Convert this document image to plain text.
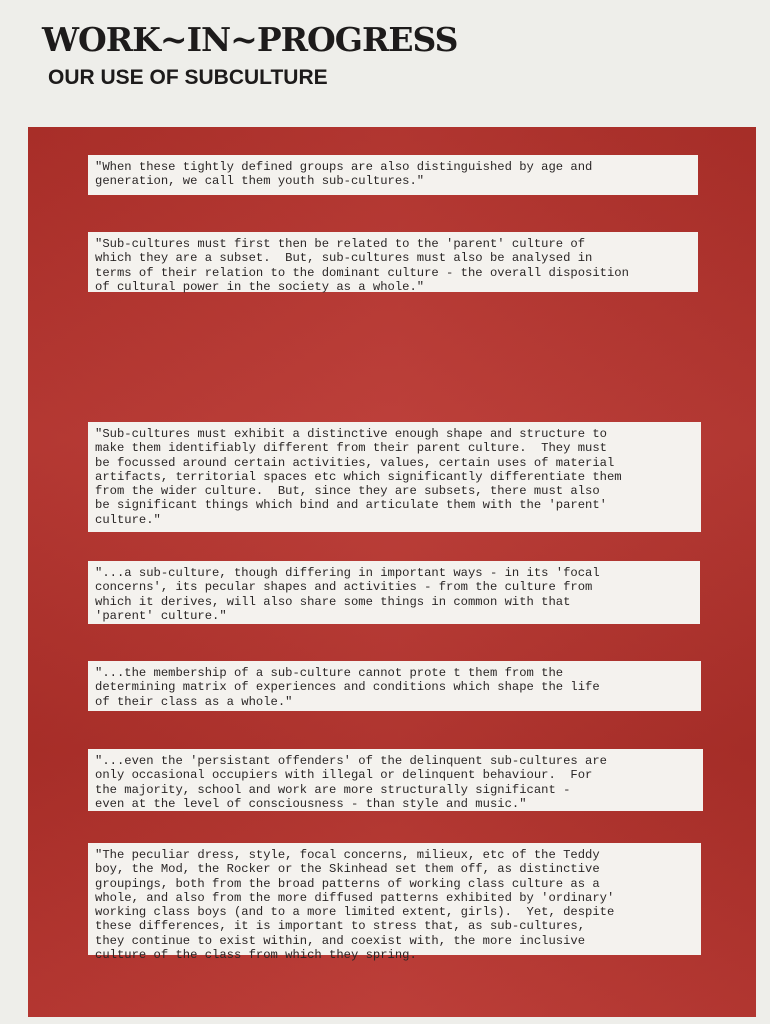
WORK~IN~PROGRESS
OUR USE OF SUBCULTURE
"When these tightly defined groups are also distinguished by age and
generation, we call them youth sub-cultures."
"Sub-cultures must first then be related to the 'parent' culture of
which they are a subset.  But, sub-cultures must also be analysed in
terms of their relation to the dominant culture - the overall disposition
of cultural power in the society as a whole."
"Sub-cultures must exhibit a distinctive enough shape and structure to
make them identifiably different from their parent culture.  They must
be focussed around certain activities, values, certain uses of material
artifacts, territorial spaces etc which significantly differentiate them
from the wider culture.  But, since they are subsets, there must also
be significant things which bind and articulate them with the 'parent'
culture."
"...a sub-culture, though differing in important ways - in its 'focal
concerns', its pecular shapes and activities - from the culture from
which it derives, will also share some things in common with that
'parent' culture."
"...the membership of a sub-culture cannot prote t them from the
determining matrix of experiences and conditions which shape the life
of their class as a whole."
"...even the 'persistant offenders' of the delinquent sub-cultures are
only occasional occupiers with illegal or delinquent behaviour.  For
the majority, school and work are more structurally significant -
even at the level of consciousness - than style and music."
"The peculiar dress, style, focal concerns, milieux, etc of the Teddy
boy, the Mod, the Rocker or the Skinhead set them off, as distinctive
groupings, both from the broad patterns of working class culture as a
whole, and also from the more diffused patterns exhibited by 'ordinary'
working class boys (and to a more limited extent, girls).  Yet, despite
these differences, it is important to stress that, as sub-cultures,
they continue to exist within, and coexist with, the more inclusive
culture of the class from which they spring.
